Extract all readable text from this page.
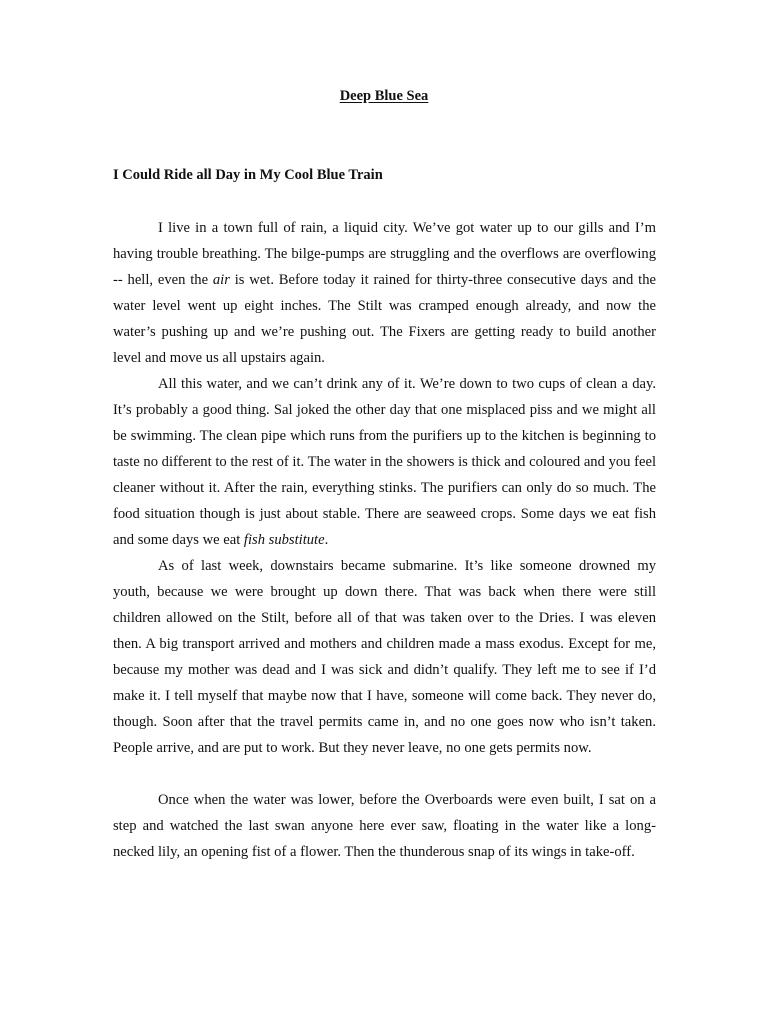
Deep Blue Sea
I Could Ride all Day in My Cool Blue Train

I live in a town full of rain, a liquid city. We’ve got water up to our gills and I’m having trouble breathing. The bilge-pumps are struggling and the overflows are overflowing -- hell, even the air is wet. Before today it rained for thirty-three consecutive days and the water level went up eight inches. The Stilt was cramped enough already, and now the water’s pushing up and we’re pushing out. The Fixers are getting ready to build another level and move us all upstairs again.

All this water, and we can’t drink any of it. We’re down to two cups of clean a day. It’s probably a good thing. Sal joked the other day that one misplaced piss and we might all be swimming. The clean pipe which runs from the purifiers up to the kitchen is beginning to taste no different to the rest of it. The water in the showers is thick and coloured and you feel cleaner without it. After the rain, everything stinks. The purifiers can only do so much. The food situation though is just about stable. There are seaweed crops. Some days we eat fish and some days we eat fish substitute.

As of last week, downstairs became submarine. It’s like someone drowned my youth, because we were brought up down there. That was back when there were still children allowed on the Stilt, before all of that was taken over to the Dries. I was eleven then. A big transport arrived and mothers and children made a mass exodus. Except for me, because my mother was dead and I was sick and didn’t qualify. They left me to see if I’d make it. I tell myself that maybe now that I have, someone will come back. They never do, though. Soon after that the travel permits came in, and no one goes now who isn’t taken. People arrive, and are put to work. But they never leave, no one gets permits now.

Once when the water was lower, before the Overboards were even built, I sat on a step and watched the last swan anyone here ever saw, floating in the water like a long-necked lily, an opening fist of a flower. Then the thunderous snap of its wings in take-off.
